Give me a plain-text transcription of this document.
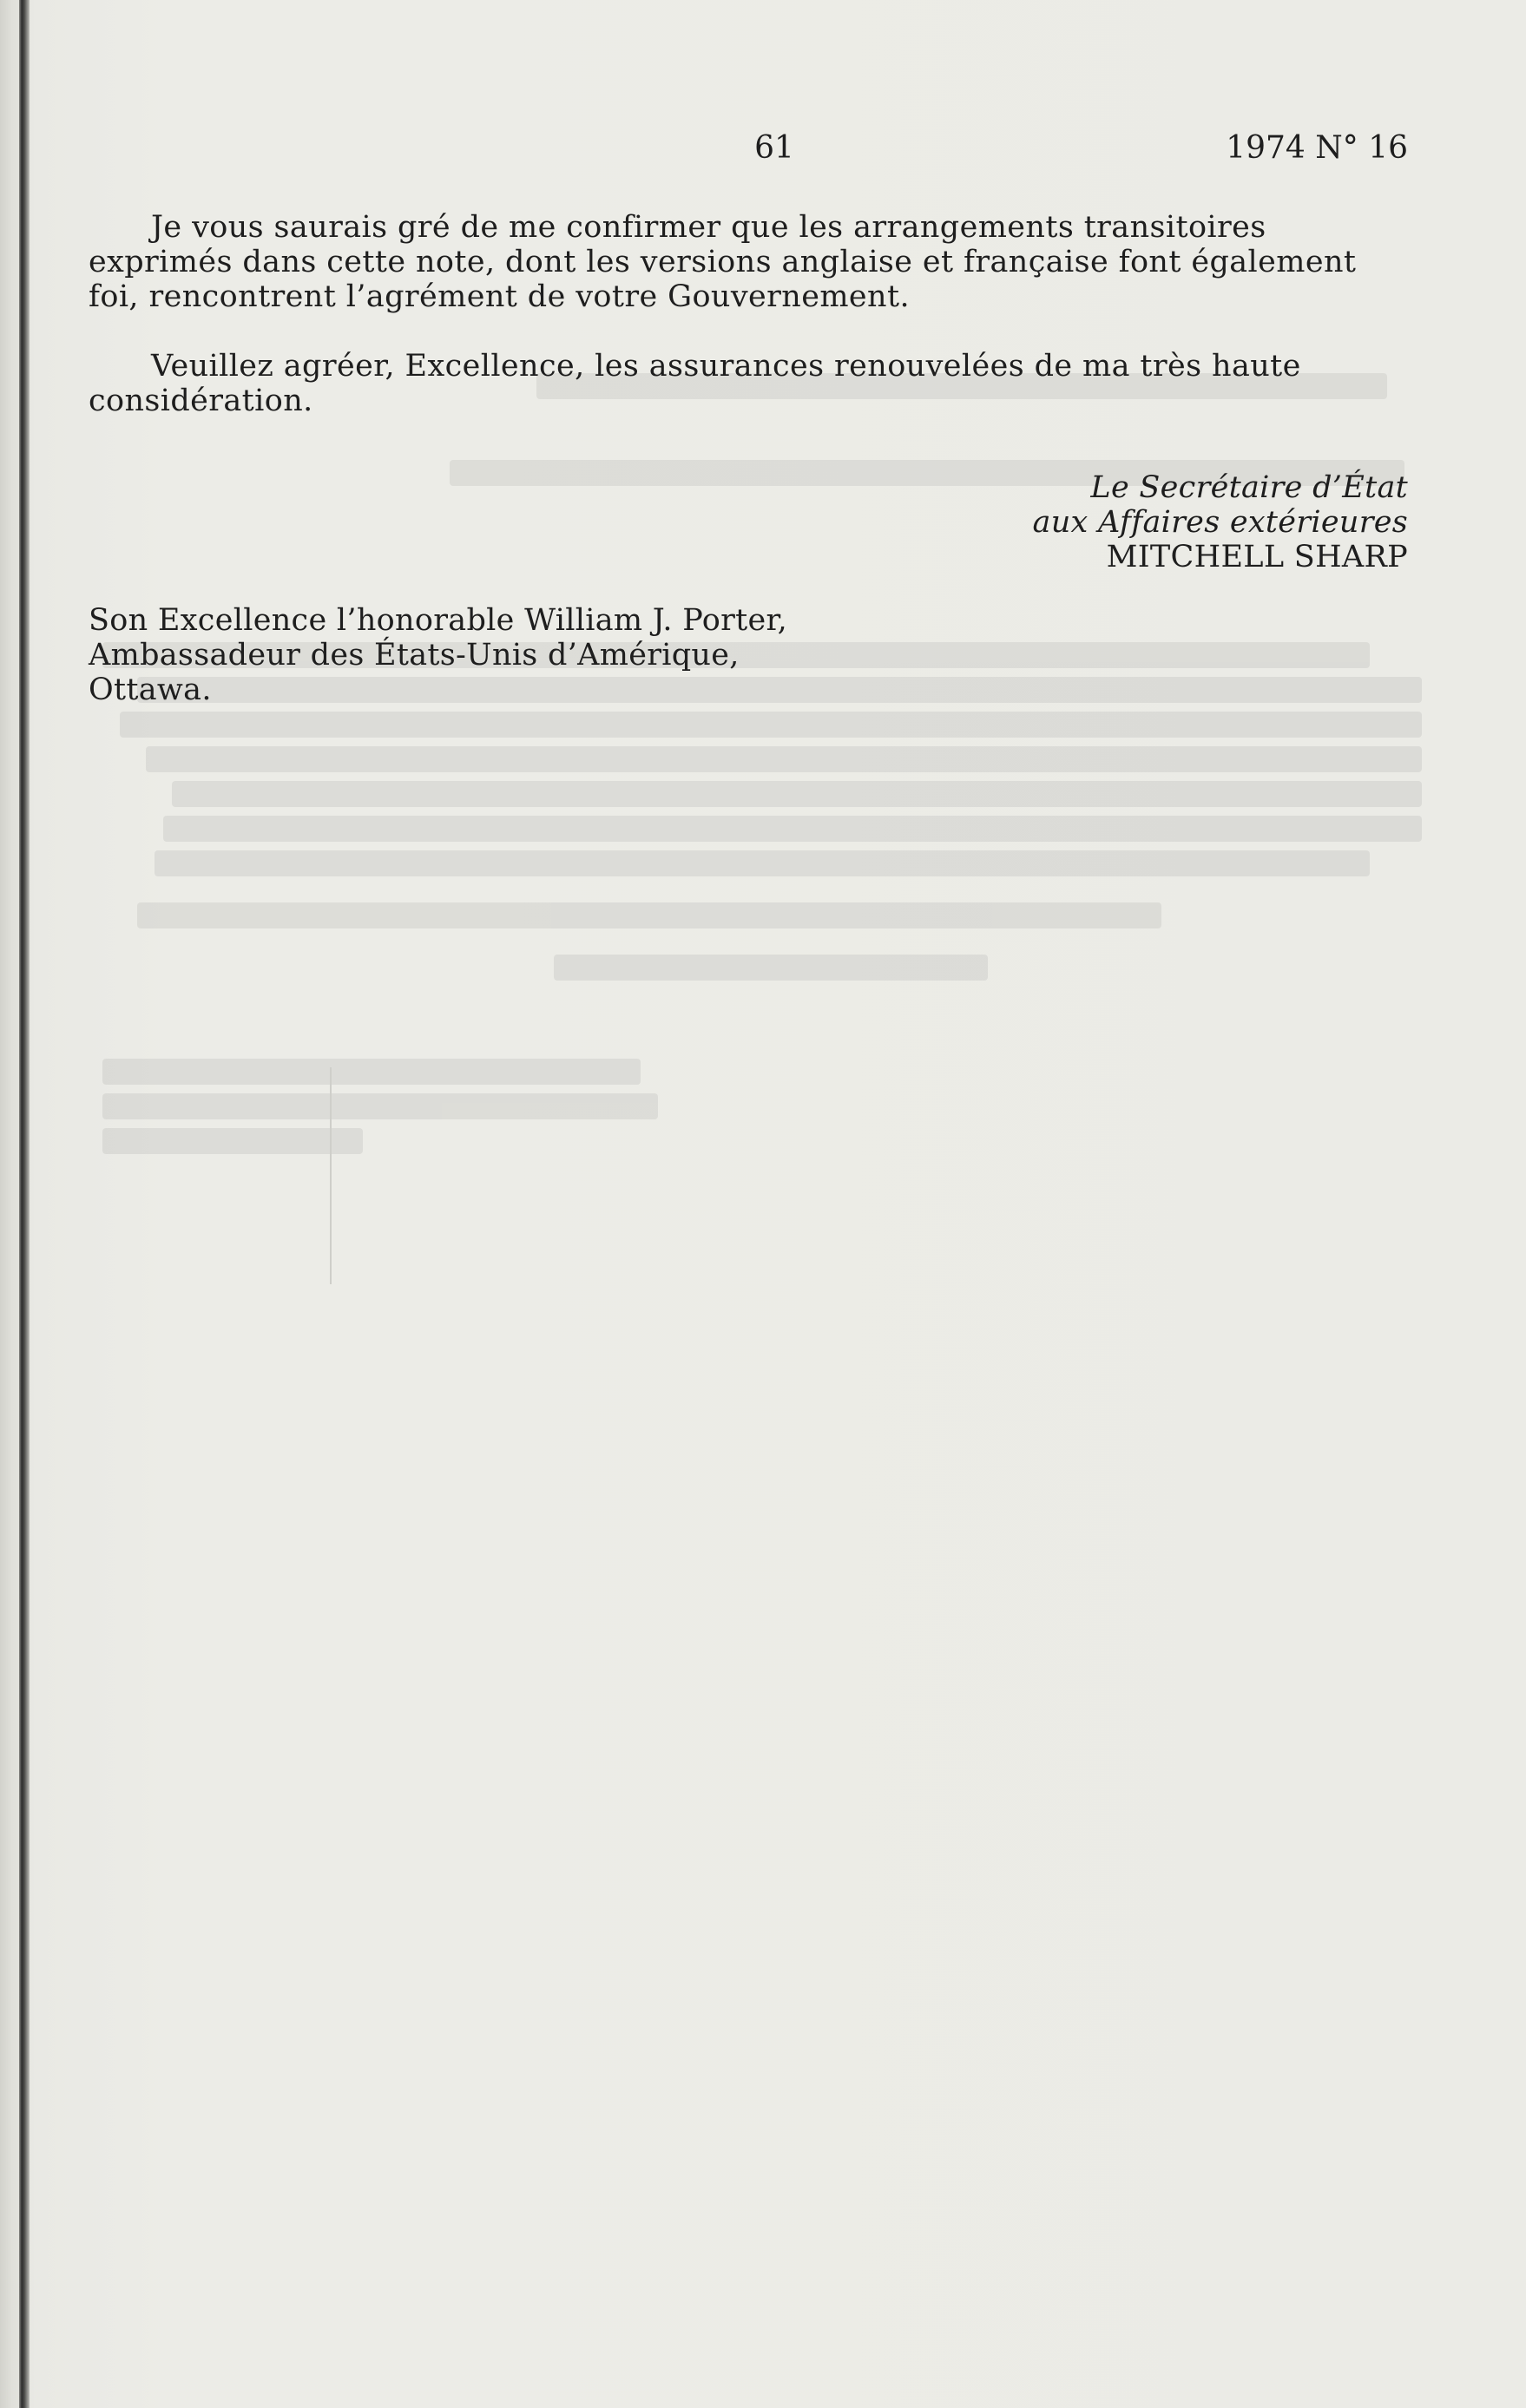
61	1974 N° 16

Je vous saurais gré de me confirmer que les arrangements transitoires exprimés dans cette note, dont les versions anglaise et française font également foi, rencontrent l’agrément de votre Gouvernement.

Veuillez agréer, Excellence, les assurances renouvelées de ma très haute considération.

Le Secrétaire d’État
aux Affaires extérieures
MITCHELL SHARP
Son Excellence l’honorable William J. Porter,
Ambassadeur des États-Unis d’Amérique,
Ottawa.
